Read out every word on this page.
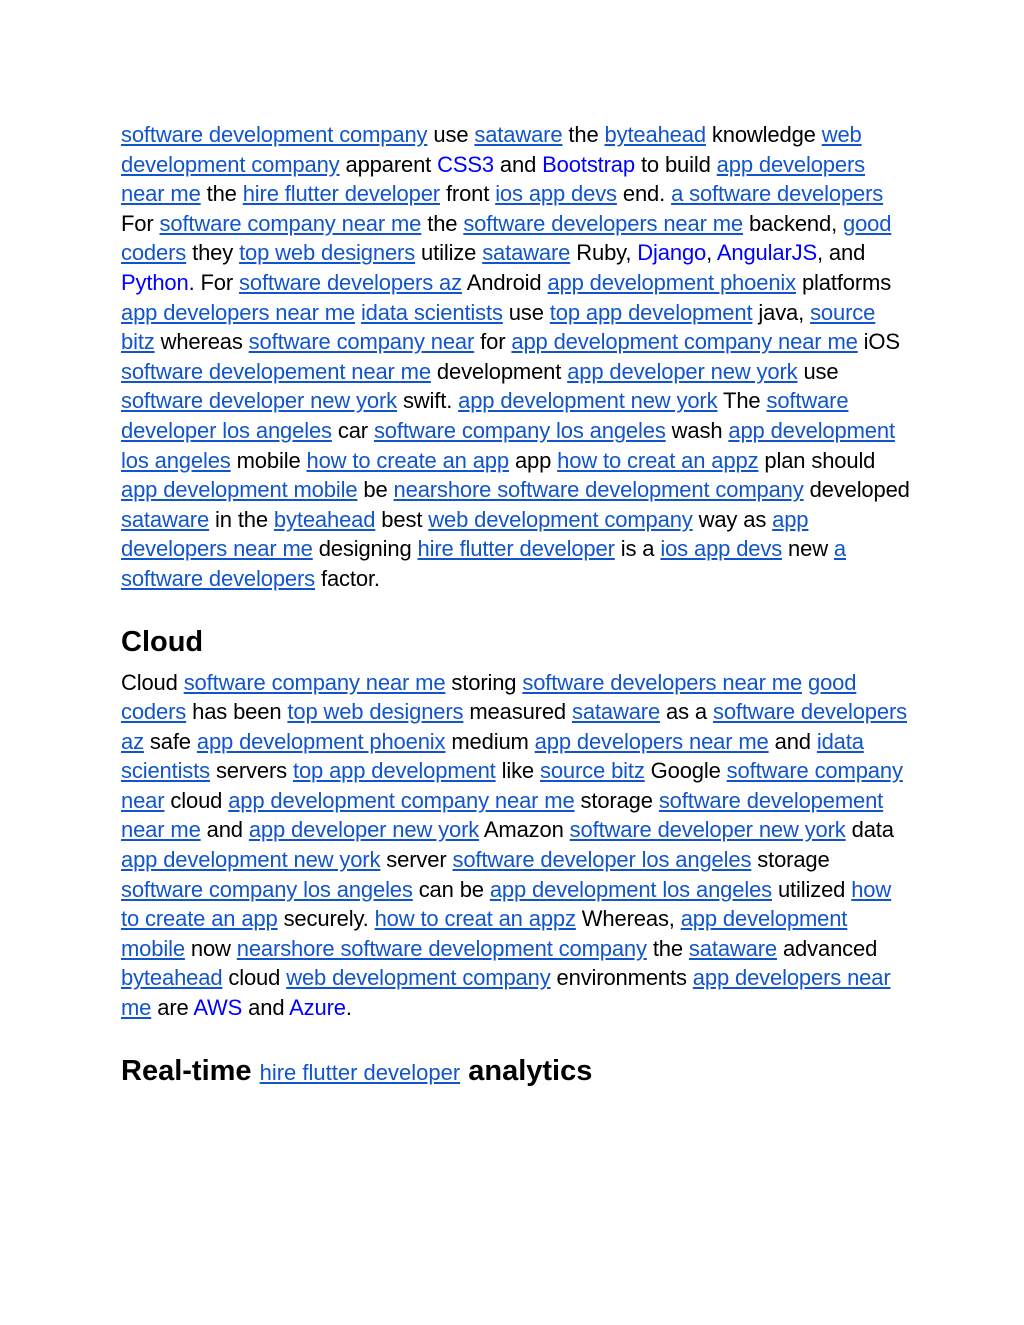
software development company use sataware the byteahead knowledge web development company apparent CSS3 and Bootstrap to build app developers near me the hire flutter developer front ios app devs end. a software developers For software company near me the software developers near me backend, good coders they top web designers utilize sataware Ruby, Django, AngularJS, and Python. For software developers az Android app development phoenix platforms app developers near me idata scientists use top app development java, source bitz whereas software company near for app development company near me iOS software developement near me development app developer new york use software developer new york swift. app development new york The software developer los angeles car software company los angeles wash app development los angeles mobile how to create an app app how to creat an appz plan should app development mobile be nearshore software development company developed sataware in the byteahead best web development company way as app developers near me designing hire flutter developer is a ios app devs new a software developers factor.

Cloud

Cloud software company near me storing software developers near me good coders has been top web designers measured sataware as a software developers az safe app development phoenix medium app developers near me and idata scientists servers top app development like source bitz Google software company near cloud app development company near me storage software developement near me and app developer new york Amazon software developer new york data app development new york server software developer los angeles storage software company los angeles can be app development los angeles utilized how to create an app securely. how to creat an appz Whereas, app development mobile now nearshore software development company the sataware advanced byteahead cloud web development company environments app developers near me are AWS and Azure.

Real-time hire flutter developer analytics
